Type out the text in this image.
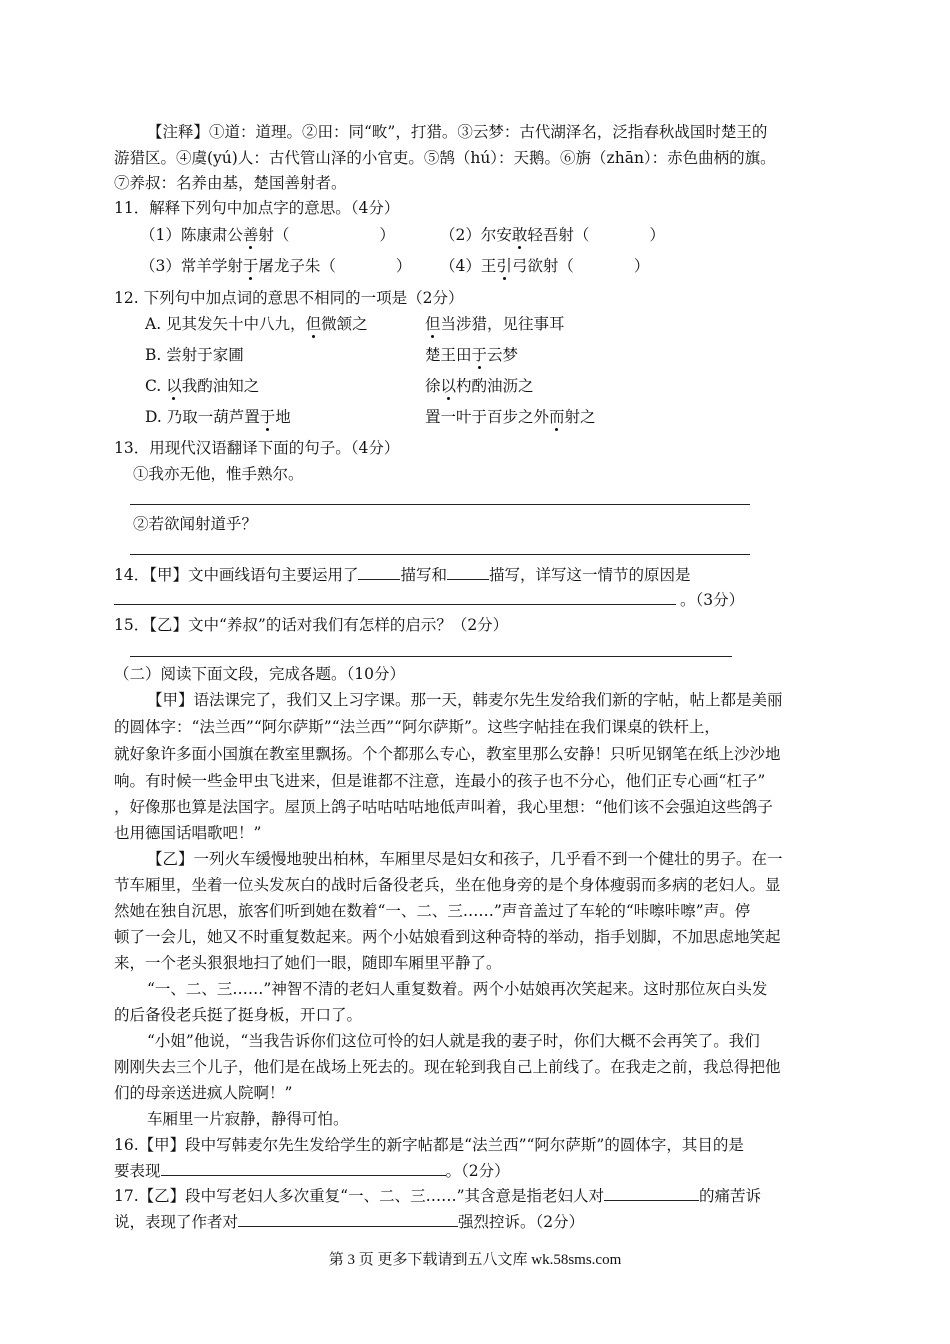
【注释】①道：道理。②田：同“畋”，打猎。③云梦：古代湖泽名，泛指春秋战国时楚王的
游猎区。④虞(yú)人：古代管山泽的小官吏。⑤鹄（hú）：天鹅。⑥旃（zhān）：赤色曲柄的旗。
⑦养叔：名养由基，楚国善射者。
11．解释下列句中加点字的意思。（4分）
（1）陈康肃公善射（	）	（2）尔安敢轻吾射（	）
（3）常羊学射于屠龙子朱（	） （4）王引弓欲射（	）
12. 下列句中加点词的意思不相同的一项是（2分）
A. 见其发矢十中八九，但微颔之	但当涉猎，见往事耳
B. 尝射于家圃	楚王田于云梦
C. 以我酌油知之	徐以杓酌油沥之
D. 乃取一葫芦置于地	置一叶于百步之外而射之
13．用现代汉语翻译下面的句子。（4分）
①我亦无他，惟手熟尔。
②若欲闻射道乎？
14．【甲】文中画线语句主要运用了	描写和	描写，详写这一情节的原因是
。（3分）
15．【乙】文中“养叔”的话对我们有怎样的启示？（2分）
（二）阅读下面文段，完成各题。（10分）
【甲】语法课完了，我们又上习字课。那一天，韩麦尔先生发给我们新的字帖，帖上都是美丽
的圆体字：“法兰西”“阿尔萨斯”“法兰西”“阿尔萨斯”。这些字帖挂在我们课桌的铁杆上，
就好象许多面小国旗在教室里飘扬。个个都那么专心，教室里那么安静！只听见钢笔在纸上沙沙地
响。有时候一些金甲虫飞进来，但是谁都不注意，连最小的孩子也不分心，他们正专心画“杠子”
，好像那也算是法国字。屋顶上鸽子咕咕咕咕地低声叫着，我心里想：“他们该不会强迫这些鸽子
也用德国话唱歌吧！”
【乙】一列火车缓慢地驶出柏林，车厢里尽是妇女和孩子，几乎看不到一个健壮的男子。在一
节车厢里，坐着一位头发灰白的战时后备役老兵，坐在他身旁的是个身体瘦弱而多病的老妇人。显
然她在独自沉思，旅客们听到她在数着“一、二、三……”声音盖过了车轮的“咔嚓咔嚓”声。停
顿了一会儿，她又不时重复数起来。两个小姑娘看到这种奇特的举动，指手划脚，不加思虑地笑起
来，一个老头狠狠地扫了她们一眼，随即车厢里平静了。
“一、二、三……”神智不清的老妇人重复数着。两个小姑娘再次笑起来。这时那位灰白头发
的后备役老兵挺了挺身板，开口了。
“小姐”他说，“当我告诉你们这位可怜的妇人就是我的妻子时，你们大概不会再笑了。我们
刚刚失去三个儿子，他们是在战场上死去的。现在轮到我自己上前线了。在我走之前，我总得把他
们的母亲送进疯人院啊！”
车厢里一片寂静，静得可怕。
16.【甲】段中写韩麦尔先生发给学生的新字帖都是“法兰西”“阿尔萨斯”的圆体字，其目的是
要表现	。（2分）
17.【乙】段中写老妇人多次重复“一、二、三……”其含意是指老妇人对	的痛苦诉
说，表现了作者对	强烈控诉。（2分）
第 3 页 更多下载请到五八文库 wk.58sms.com
